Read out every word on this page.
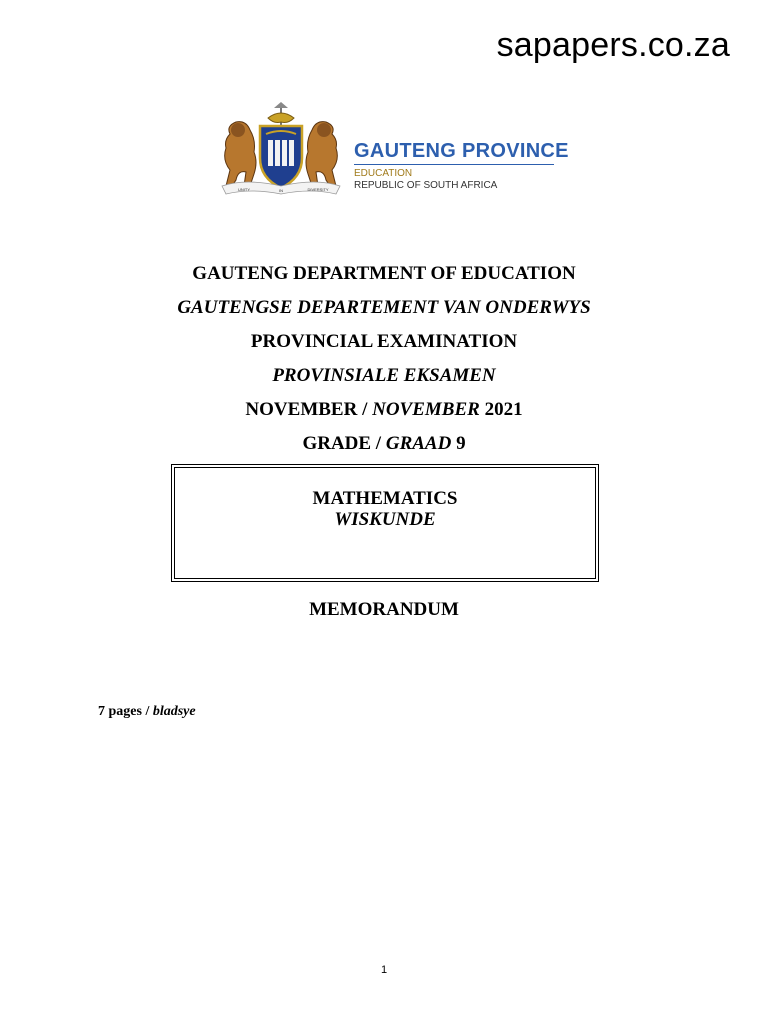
sapapers.co.za
UNITY	IN	DIVERSITY
GAUTENG PROVINCE
EDUCATION
REPUBLIC OF SOUTH AFRICA
GAUTENG DEPARTMENT OF EDUCATION
GAUTENGSE DEPARTEMENT VAN ONDERWYS
PROVINCIAL EXAMINATION
PROVINSIALE EKSAMEN
NOVEMBER / NOVEMBER 2021
GRADE / GRAAD 9
MATHEMATICS
WISKUNDE
MEMORANDUM
7 pages / bladsye
1
